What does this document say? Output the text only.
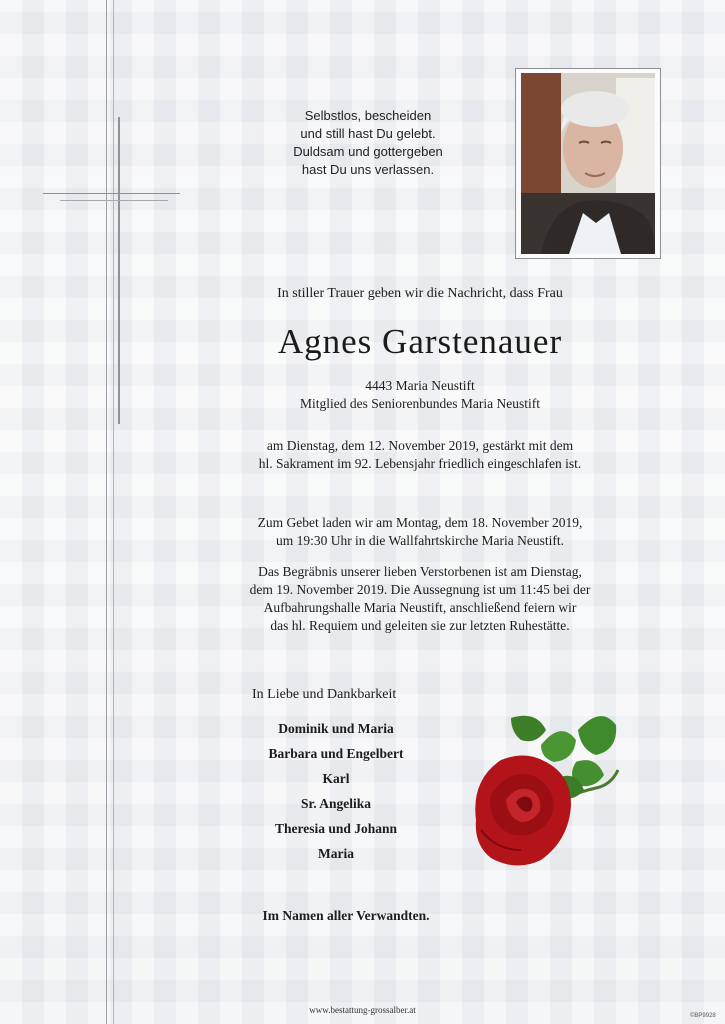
Selbstlos, bescheiden
und still hast Du gelebt.
Duldsam und gottergeben
hast Du uns verlassen.
In stiller Trauer geben wir die Nachricht, dass Frau
Agnes Garstenauer
4443 Maria Neustift
Mitglied des Seniorenbundes Maria Neustift
am Dienstag, dem 12. November 2019, gestärkt mit dem
hl. Sakrament im 92. Lebensjahr friedlich eingeschlafen ist.
Zum Gebet laden wir am Montag, dem 18. November 2019,
um 19:30 Uhr in die Wallfahrtskirche Maria Neustift.
Das Begräbnis unserer lieben Verstorbenen ist am Dienstag,
dem 19. November 2019. Die Aussegnung ist um 11:45 bei der
Aufbahrungshalle Maria Neustift, anschließend feiern wir
das hl. Requiem und geleiten sie zur letzten Ruhestätte.
In Liebe und Dankbarkeit
Dominik und Maria
Barbara und Engelbert
Karl
Sr. Angelika
Theresia und Johann
Maria
Im Namen aller Verwandten.
www.bestattung-grossalber.at
©BP9928
